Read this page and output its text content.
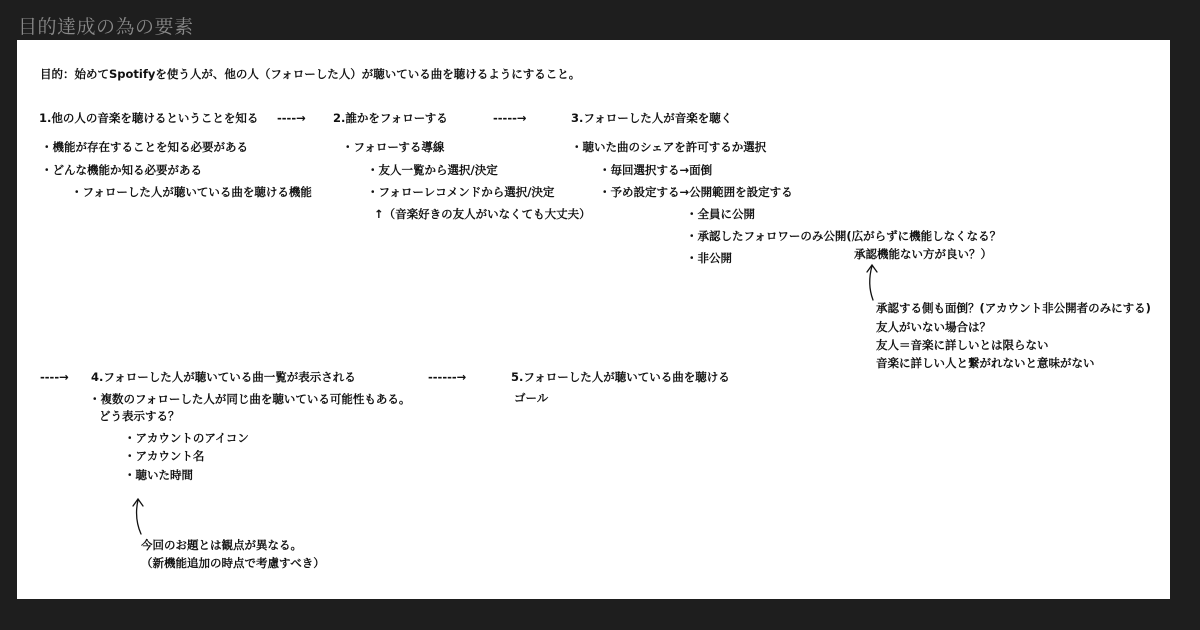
目的達成の為の要素
目的：始めてSpotifyを使う人が、他の人（フォローした人）が聴いている曲を聴けるようにすること。
1.他の人の音楽を聴けるということを知る ----→
・機能が存在することを知る必要がある
・どんな機能か知る必要がある
・フォローした人が聴いている曲を聴ける機能
2.誰かをフォローする	-----→
・フォローする導線
・友人一覧から選択/決定
・フォローレコメンドから選択/決定
↑（音楽好きの友人がいなくても大丈夫）
3.フォローした人が音楽を聴く
・聴いた曲のシェアを許可するか選択
・毎回選択する→面倒
・予め設定する→公開範囲を設定する
・全員に公開
・承認したフォロワーのみ公開(広がらずに機能しなくなる？
承認機能ない方が良い？）
・非公開
承認する側も面倒？(アカウント非公開者のみにする)
友人がいない場合は？
友人＝音楽に詳しいとは限らない
音楽に詳しい人と繋がれないと意味がない
----→ 4.フォローした人が聴いている曲一覧が表示される	------→	5.フォローした人が聴いている曲を聴ける
ゴール
・複数のフォローした人が同じ曲を聴いている可能性もある。
どう表示する？
・アカウントのアイコン
・アカウント名
・聴いた時間
今回のお題とは観点が異なる。
（新機能追加の時点で考慮すべき）
